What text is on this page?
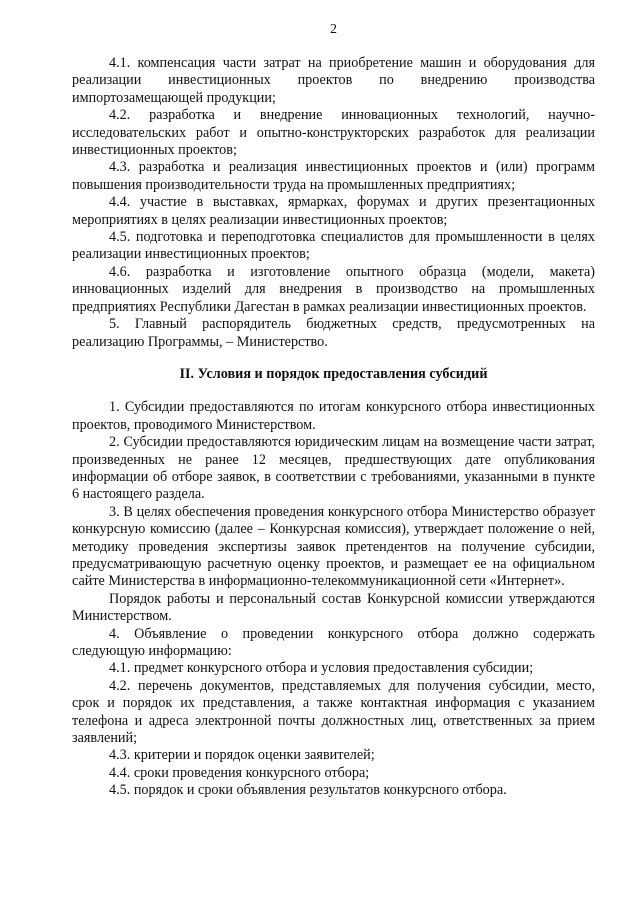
2

4.1. компенсация части затрат на приобретение машин и оборудования для реализации инвестиционных проектов по внедрению производства импортозамещающей продукции;

4.2. разработка и внедрение инновационных технологий, научно-исследовательских работ и опытно-конструкторских разработок для реализации инвестиционных проектов;

4.3. разработка и реализация инвестиционных проектов и (или) программ повышения производительности труда на промышленных предприятиях;

4.4. участие в выставках, ярмарках, форумах и других презентационных мероприятиях в целях реализации инвестиционных проектов;

4.5. подготовка и переподготовка специалистов для промышленности в целях реализации инвестиционных проектов;

4.6. разработка и изготовление опытного образца (модели, макета) инновационных изделий для внедрения в производство на промышленных предприятиях Республики Дагестан в рамках реализации инвестиционных проектов.

5. Главный распорядитель бюджетных средств, предусмотренных на реализацию Программы, – Министерство.

II. Условия и порядок предоставления субсидий

1. Субсидии предоставляются по итогам конкурсного отбора инвестиционных проектов, проводимого Министерством.

2. Субсидии предоставляются юридическим лицам на возмещение части затрат, произведенных не ранее 12 месяцев, предшествующих дате опубликования информации об отборе заявок, в соответствии с требованиями, указанными в пункте 6 настоящего раздела.

3. В целях обеспечения проведения конкурсного отбора Министерство образует конкурсную комиссию (далее – Конкурсная комиссия), утверждает положение о ней, методику проведения экспертизы заявок претендентов на получение субсидии, предусматривающую расчетную оценку проектов, и размещает ее на официальном сайте Министерства в информационно-телекоммуникационной сети «Интернет».

Порядок работы и персональный состав Конкурсной комиссии утверждаются Министерством.

4. Объявление о проведении конкурсного отбора должно содержать следующую информацию:

4.1. предмет конкурсного отбора и условия предоставления субсидии;

4.2. перечень документов, представляемых для получения субсидии, место, срок и порядок их представления, а также контактная информация с указанием телефона и адреса электронной почты должностных лиц, ответственных за прием заявлений;

4.3. критерии и порядок оценки заявителей;

4.4. сроки проведения конкурсного отбора;

4.5. порядок и сроки объявления результатов конкурсного отбора.
